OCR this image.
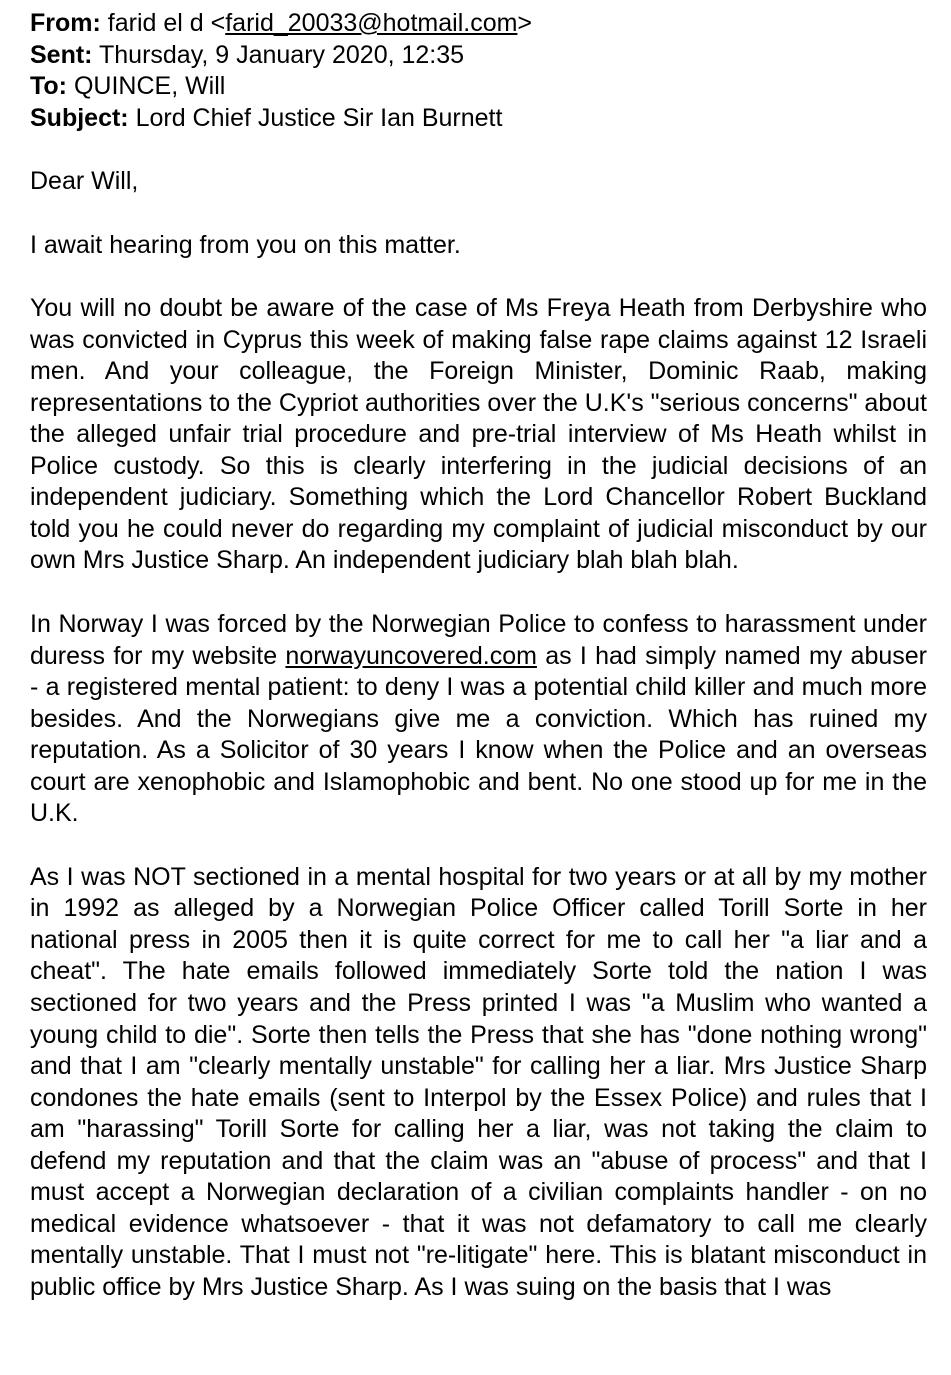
From: farid el d <farid_20033@hotmail.com>
Sent: Thursday, 9 January 2020, 12:35
To: QUINCE, Will
Subject: Lord Chief Justice Sir Ian Burnett

Dear Will,

I await hearing from you on this matter.

You will no doubt be aware of the case of Ms Freya Heath from Derbyshire who was convicted in Cyprus this week of making false rape claims against 12 Israeli men. And your colleague, the Foreign Minister, Dominic Raab, making representations to the Cypriot authorities over the U.K's "serious concerns" about the alleged unfair trial procedure and pre-trial interview of Ms Heath whilst in Police custody. So this is clearly interfering in the judicial decisions of an independent judiciary. Something which the Lord Chancellor Robert Buckland told you he could never do regarding my complaint of judicial misconduct by our own Mrs Justice Sharp. An independent judiciary blah blah blah.

In Norway I was forced by the Norwegian Police to confess to harassment under duress for my website norwayuncovered.com as I had simply named my abuser - a registered mental patient: to deny I was a potential child killer and much more besides. And the Norwegians give me a conviction. Which has ruined my reputation. As a Solicitor of 30 years I know when the Police and an overseas court are xenophobic and Islamophobic and bent. No one stood up for me in the U.K.

As I was NOT sectioned in a mental hospital for two years or at all by my mother in 1992 as alleged by a Norwegian Police Officer called Torill Sorte in her national press in 2005 then it is quite correct for me to call her "a liar and a cheat". The hate emails followed immediately Sorte told the nation I was sectioned for two years and the Press printed I was "a Muslim who wanted a young child to die". Sorte then tells the Press that she has "done nothing wrong" and that I am "clearly mentally unstable" for calling her a liar. Mrs Justice Sharp condones the hate emails (sent to Interpol by the Essex Police) and rules that I am "harassing" Torill Sorte for calling her a liar, was not taking the claim to defend my reputation and that the claim was an "abuse of process" and that I must accept a Norwegian declaration of a civilian complaints handler - on no medical evidence whatsoever - that it was not defamatory to call me clearly mentally unstable. That I must not "re-litigate" here. This is blatant misconduct in public office by Mrs Justice Sharp. As I was suing on the basis that I was
